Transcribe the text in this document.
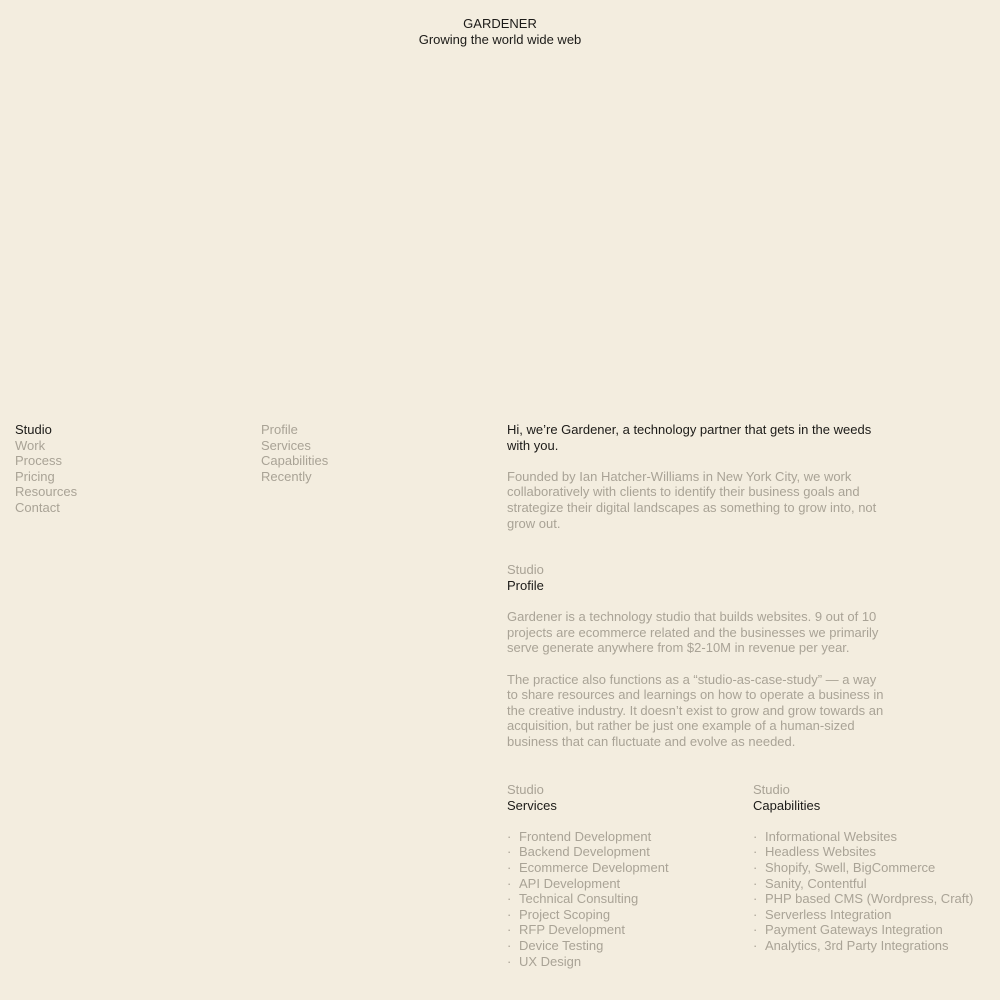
GARDENER
Growing the world wide web
Studio
Work
Process
Pricing
Resources
Contact
Profile
Services
Capabilities
Recently

Hi, we’re Gardener, a technology partner that gets in the weeds with you.

Founded by Ian Hatcher-Williams in New York City, we work collaboratively with clients to identify their business goals and strategize their digital landscapes as something to grow into, not grow out.

Studio

Profile

Gardener is a technology studio that builds websites. 9 out of 10 projects are ecommerce related and the businesses we primarily serve generate anywhere from $2-10M in revenue per year.

The practice also functions as a “studio-as-case-study” — a way to share resources and learnings on how to operate a business in the creative industry. It doesn’t exist to grow and grow towards an acquisition, but rather be just one example of a human-sized business that can fluctuate and evolve as needed.

Studio

Services

· Frontend Development
· Backend Development
· Ecommerce Development
· API Development
· Technical Consulting
· Project Scoping
· RFP Development
· Device Testing
· UX Design

Studio

Capabilities

· Informational Websites
· Headless Websites
· Shopify, Swell, BigCommerce
· Sanity, Contentful
· PHP based CMS (Wordpress, Craft)
· Serverless Integration
· Payment Gateways Integration
· Analytics, 3rd Party Integrations
